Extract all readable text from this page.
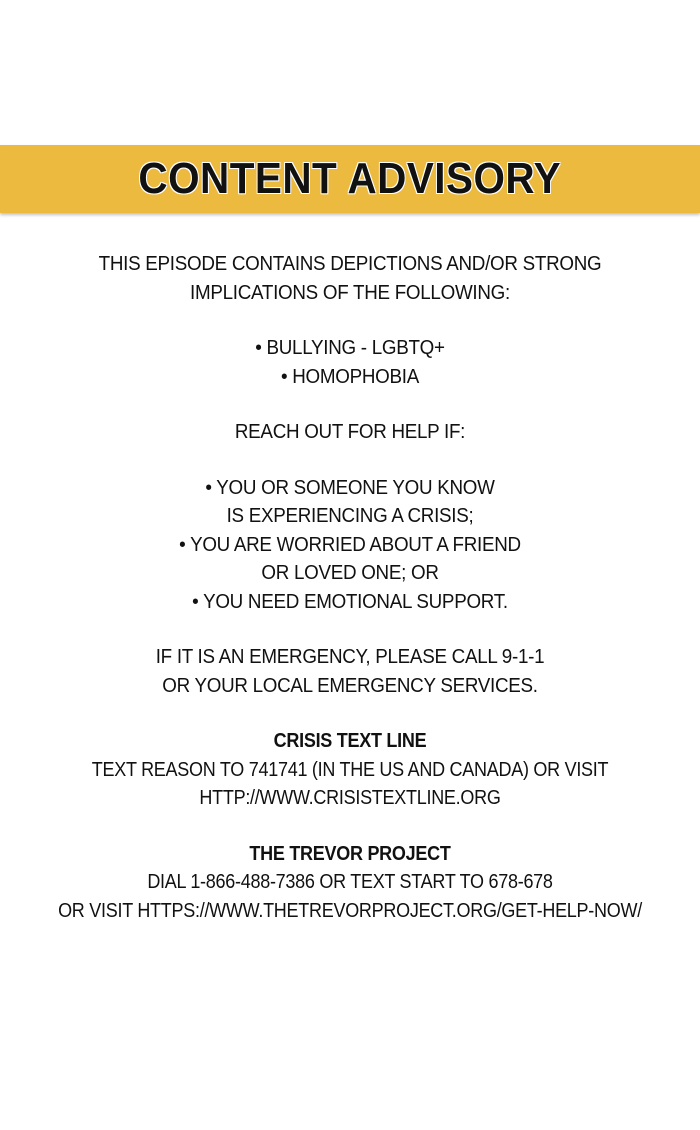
CONTENT ADVISORY
THIS EPISODE CONTAINS DEPICTIONS AND/OR STRONG
IMPLICATIONS OF THE FOLLOWING:
• BULLYING - LGBTQ+
• HOMOPHOBIA
REACH OUT FOR HELP IF:
• YOU OR SOMEONE YOU KNOW
IS EXPERIENCING A CRISIS;
• YOU ARE WORRIED ABOUT A FRIEND
OR LOVED ONE; OR
• YOU NEED EMOTIONAL SUPPORT.
IF IT IS AN EMERGENCY, PLEASE CALL 9-1-1
OR YOUR LOCAL EMERGENCY SERVICES.
CRISIS TEXT LINE
TEXT REASON TO 741741 (IN THE US AND CANADA) OR VISIT
HTTP://WWW.CRISISTEXTLINE.ORG
THE TREVOR PROJECT
DIAL 1-866-488-7386 OR TEXT START TO 678-678
OR VISIT HTTPS://WWW.THETREVORPROJECT.ORG/GET-HELP-NOW/
